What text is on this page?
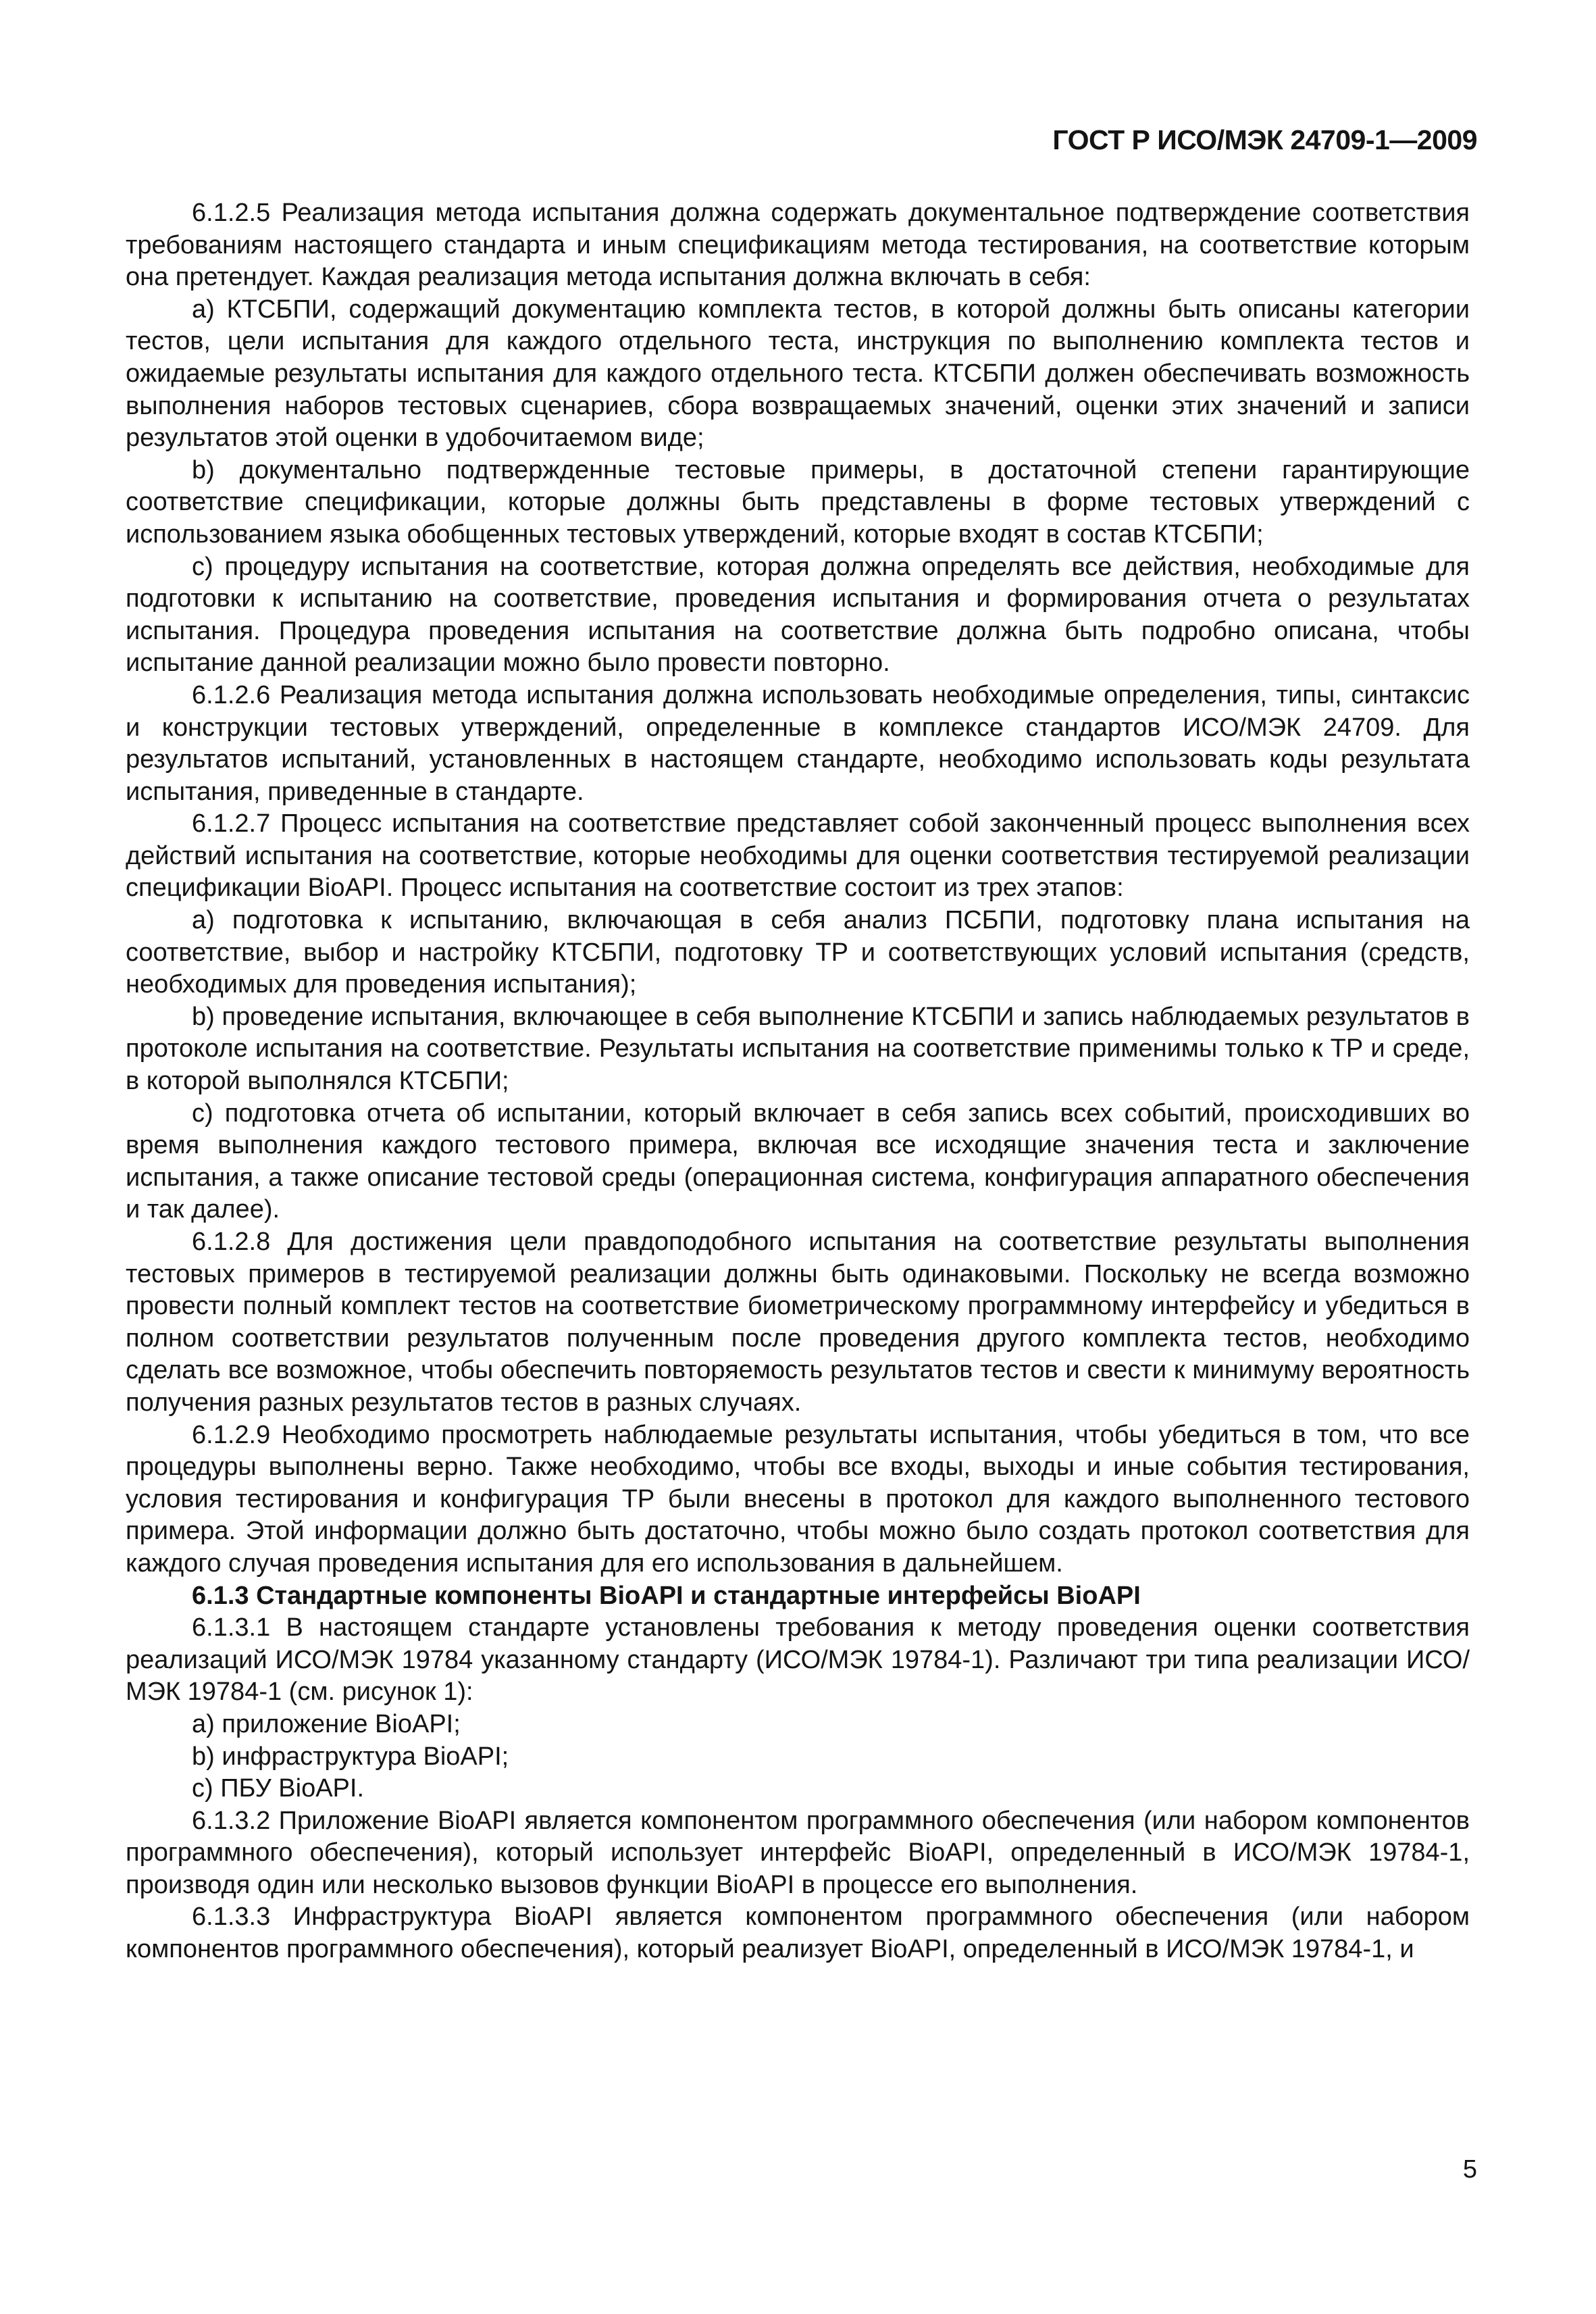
ГОСТ Р ИСО/МЭК 24709-1—2009

6.1.2.5 Реализация метода испытания должна содержать документальное подтверждение соответствия требованиям настоящего стандарта и иным спецификациям метода тестирования, на соответствие которым она претендует. Каждая реализация метода испытания должна включать в себя:

а) КТСБПИ, содержащий документацию комплекта тестов, в которой должны быть описаны категории тестов, цели испытания для каждого отдельного теста, инструкция по выполнению комплекта тестов и ожидаемые результаты испытания для каждого отдельного теста. КТСБПИ должен обеспечивать возможность выполнения наборов тестовых сценариев, сбора возвращаемых значений, оценки этих значений и записи результатов этой оценки в удобочитаемом виде;

b) документально подтвержденные тестовые примеры, в достаточной степени гарантирующие соответствие спецификации, которые должны быть представлены в форме тестовых утверждений с использованием языка обобщенных тестовых утверждений, которые входят в состав КТСБПИ;

c) процедуру испытания на соответствие, которая должна определять все действия, необходимые для подготовки к испытанию на соответствие, проведения испытания и формирования отчета о результатах испытания. Процедура проведения испытания на соответствие должна быть подробно описана, чтобы испытание данной реализации можно было провести повторно.

6.1.2.6 Реализация метода испытания должна использовать необходимые определения, типы, синтаксис и конструкции тестовых утверждений, определенные в комплексе стандартов ИСО/МЭК 24709. Для результатов испытаний, установленных в настоящем стандарте, необходимо использовать коды результата испытания, приведенные в стандарте.

6.1.2.7 Процесс испытания на соответствие представляет собой законченный процесс выполнения всех действий испытания на соответствие, которые необходимы для оценки соответствия тестируемой реализации спецификации BioAPI. Процесс испытания на соответствие состоит из трех этапов:

а) подготовка к испытанию, включающая в себя анализ ПСБПИ, подготовку плана испытания на соответствие, выбор и настройку КТСБПИ, подготовку ТР и соответствующих условий испытания (средств, необходимых для проведения испытания);

b) проведение испытания, включающее в себя выполнение КТСБПИ и запись наблюдаемых результатов в протоколе испытания на соответствие. Результаты испытания на соответствие применимы только к ТР и среде, в которой выполнялся КТСБПИ;

c) подготовка отчета об испытании, который включает в себя запись всех событий, происходивших во время выполнения каждого тестового примера, включая все исходящие значения теста и заключение испытания, а также описание тестовой среды (операционная система, конфигурация аппаратного обеспечения и так далее).

6.1.2.8 Для достижения цели правдоподобного испытания на соответствие результаты выполнения тестовых примеров в тестируемой реализации должны быть одинаковыми. Поскольку не всегда возможно провести полный комплект тестов на соответствие биометрическому программному интерфейсу и убедиться в полном соответствии результатов полученным после проведения другого комплекта тестов, необходимо сделать все возможное, чтобы обеспечить повторяемость результатов тестов и свести к минимуму вероятность получения разных результатов тестов в разных случаях.

6.1.2.9 Необходимо просмотреть наблюдаемые результаты испытания, чтобы убедиться в том, что все процедуры выполнены верно. Также необходимо, чтобы все входы, выходы и иные события тестирования, условия тестирования и конфигурация ТР были внесены в протокол для каждого выполненного тестового примера. Этой информации должно быть достаточно, чтобы можно было создать протокол соответствия для каждого случая проведения испытания для его использования в дальнейшем.

6.1.3 Стандартные компоненты BioAPI и стандартные интерфейсы BioAPI

6.1.3.1 В настоящем стандарте установлены требования к методу проведения оценки соответствия реализаций ИСО/МЭК 19784 указанному стандарту (ИСО/МЭК 19784-1). Различают три типа реализации ИСО/МЭК 19784-1 (см. рисунок 1):

а) приложение BioAPI;

b) инфраструктура BioAPI;

c) ПБУ BioAPI.

6.1.3.2 Приложение BioAPI является компонентом программного обеспечения (или набором компонентов программного обеспечения), который использует интерфейс BioAPI, определенный в ИСО/МЭК 19784-1, производя один или несколько вызовов функции BioAPI в процессе его выполнения.

6.1.3.3 Инфраструктура BioAPI является компонентом программного обеспечения (или набором компонентов программного обеспечения), который реализует BioAPI, определенный в ИСО/МЭК 19784-1, и

5
